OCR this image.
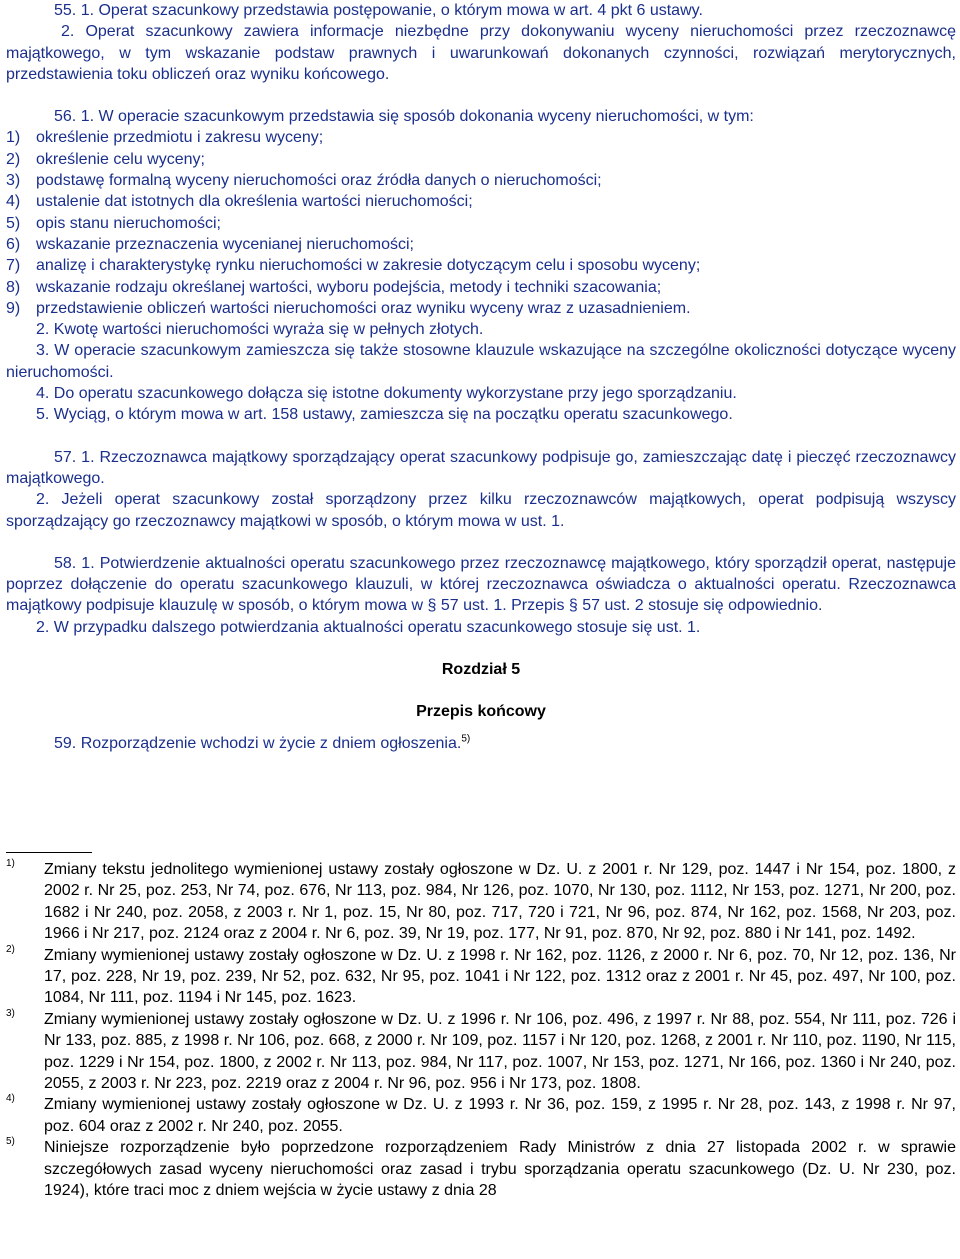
55. 1. Operat szacunkowy przedstawia postępowanie, o którym mowa w art. 4 pkt 6 ustawy.

2. Operat szacunkowy zawiera informacje niezbędne przy dokonywaniu wyceny nieruchomości przez rzeczoznawcę majątkowego, w tym wskazanie podstaw prawnych i uwarunkowań dokonanych czynności, rozwiązań merytorycznych, przedstawienia toku obliczeń oraz wyniku końcowego.

56. 1. W operacie szacunkowym przedstawia się sposób dokonania wyceny nieruchomości, w tym:

1) określenie przedmiotu i zakresu wyceny;
2) określenie celu wyceny;
3) podstawę formalną wyceny nieruchomości oraz źródła danych o nieruchomości;
4) ustalenie dat istotnych dla określenia wartości nieruchomości;
5) opis stanu nieruchomości;
6) wskazanie przeznaczenia wycenianej nieruchomości;
7) analizę i charakterystykę rynku nieruchomości w zakresie dotyczącym celu i sposobu wyceny;
8) wskazanie rodzaju określanej wartości, wyboru podejścia, metody i techniki szacowania;
9) przedstawienie obliczeń wartości nieruchomości oraz wyniku wyceny wraz z uzasadnieniem.

2. Kwotę wartości nieruchomości wyraża się w pełnych złotych.

3. W operacie szacunkowym zamieszcza się także stosowne klauzule wskazujące na szczególne okoliczności dotyczące wyceny nieruchomości.

4. Do operatu szacunkowego dołącza się istotne dokumenty wykorzystane przy jego sporządzaniu.

5. Wyciąg, o którym mowa w art. 158 ustawy, zamieszcza się na początku operatu szacunkowego.

57. 1. Rzeczoznawca majątkowy sporządzający operat szacunkowy podpisuje go, zamieszczając datę i pieczęć rzeczoznawcy majątkowego.

2. Jeżeli operat szacunkowy został sporządzony przez kilku rzeczoznawców majątkowych, operat podpisują wszyscy sporządzający go rzeczoznawcy majątkowi w sposób, o którym mowa w ust. 1.

58. 1. Potwierdzenie aktualności operatu szacunkowego przez rzeczoznawcę majątkowego, który sporządził operat, następuje poprzez dołączenie do operatu szacunkowego klauzuli, w której rzeczoznawca oświadcza o aktualności operatu. Rzeczoznawca majątkowy podpisuje klauzulę w sposób, o którym mowa w § 57 ust. 1. Przepis § 57 ust. 2 stosuje się odpowiednio.

2. W przypadku dalszego potwierdzania aktualności operatu szacunkowego stosuje się ust. 1.

Rozdział 5

Przepis końcowy

59. Rozporządzenie wchodzi w życie z dniem ogłoszenia.$^{5)}$

1) Zmiany tekstu jednolitego wymienionej ustawy zostały ogłoszone w Dz. U. z 2001 r. Nr 129, poz. 1447 i Nr 154, poz. 1800, z 2002 r. Nr 25, poz. 253, Nr 74, poz. 676, Nr 113, poz. 984, Nr 126, poz. 1070, Nr 130, poz. 1112, Nr 153, poz. 1271, Nr 200, poz. 1682 i Nr 240, poz. 2058, z 2003 r. Nr 1, poz. 15, Nr 80, poz. 717, 720 i 721, Nr 96, poz. 874, Nr 162, poz. 1568, Nr 203, poz. 1966 i Nr 217, poz. 2124 oraz z 2004 r. Nr 6, poz. 39, Nr 19, poz. 177, Nr 91, poz. 870, Nr 92, poz. 880 i Nr 141, poz. 1492.

2) Zmiany wymienionej ustawy zostały ogłoszone w Dz. U. z 1998 r. Nr 162, poz. 1126, z 2000 r. Nr 6, poz. 70, Nr 12, poz. 136, Nr 17, poz. 228, Nr 19, poz. 239, Nr 52, poz. 632, Nr 95, poz. 1041 i Nr 122, poz. 1312 oraz z 2001 r. Nr 45, poz. 497, Nr 100, poz. 1084, Nr 111, poz. 1194 i Nr 145, poz. 1623.

3) Zmiany wymienionej ustawy zostały ogłoszone w Dz. U. z 1996 r. Nr 106, poz. 496, z 1997 r. Nr 88, poz. 554, Nr 111, poz. 726 i Nr 133, poz. 885, z 1998 r. Nr 106, poz. 668, z 2000 r. Nr 109, poz. 1157 i Nr 120, poz. 1268, z 2001 r. Nr 110, poz. 1190, Nr 115, poz. 1229 i Nr 154, poz. 1800, z 2002 r. Nr 113, poz. 984, Nr 117, poz. 1007, Nr 153, poz. 1271, Nr 166, poz. 1360 i Nr 240, poz. 2055, z 2003 r. Nr 223, poz. 2219 oraz z 2004 r. Nr 96, poz. 956 i Nr 173, poz. 1808.

4) Zmiany wymienionej ustawy zostały ogłoszone w Dz. U. z 1993 r. Nr 36, poz. 159, z 1995 r. Nr 28, poz. 143, z 1998 r. Nr 97, poz. 604 oraz z 2002 r. Nr 240, poz. 2055.

5) Niniejsze rozporządzenie było poprzedzone rozporządzeniem Rady Ministrów z dnia 27 listopada 2002 r. w sprawie szczegółowych zasad wyceny nieruchomości oraz zasad i trybu sporządzania operatu szacunkowego (Dz. U. Nr 230, poz. 1924), które traci moc z dniem wejścia w życie ustawy z dnia 28
